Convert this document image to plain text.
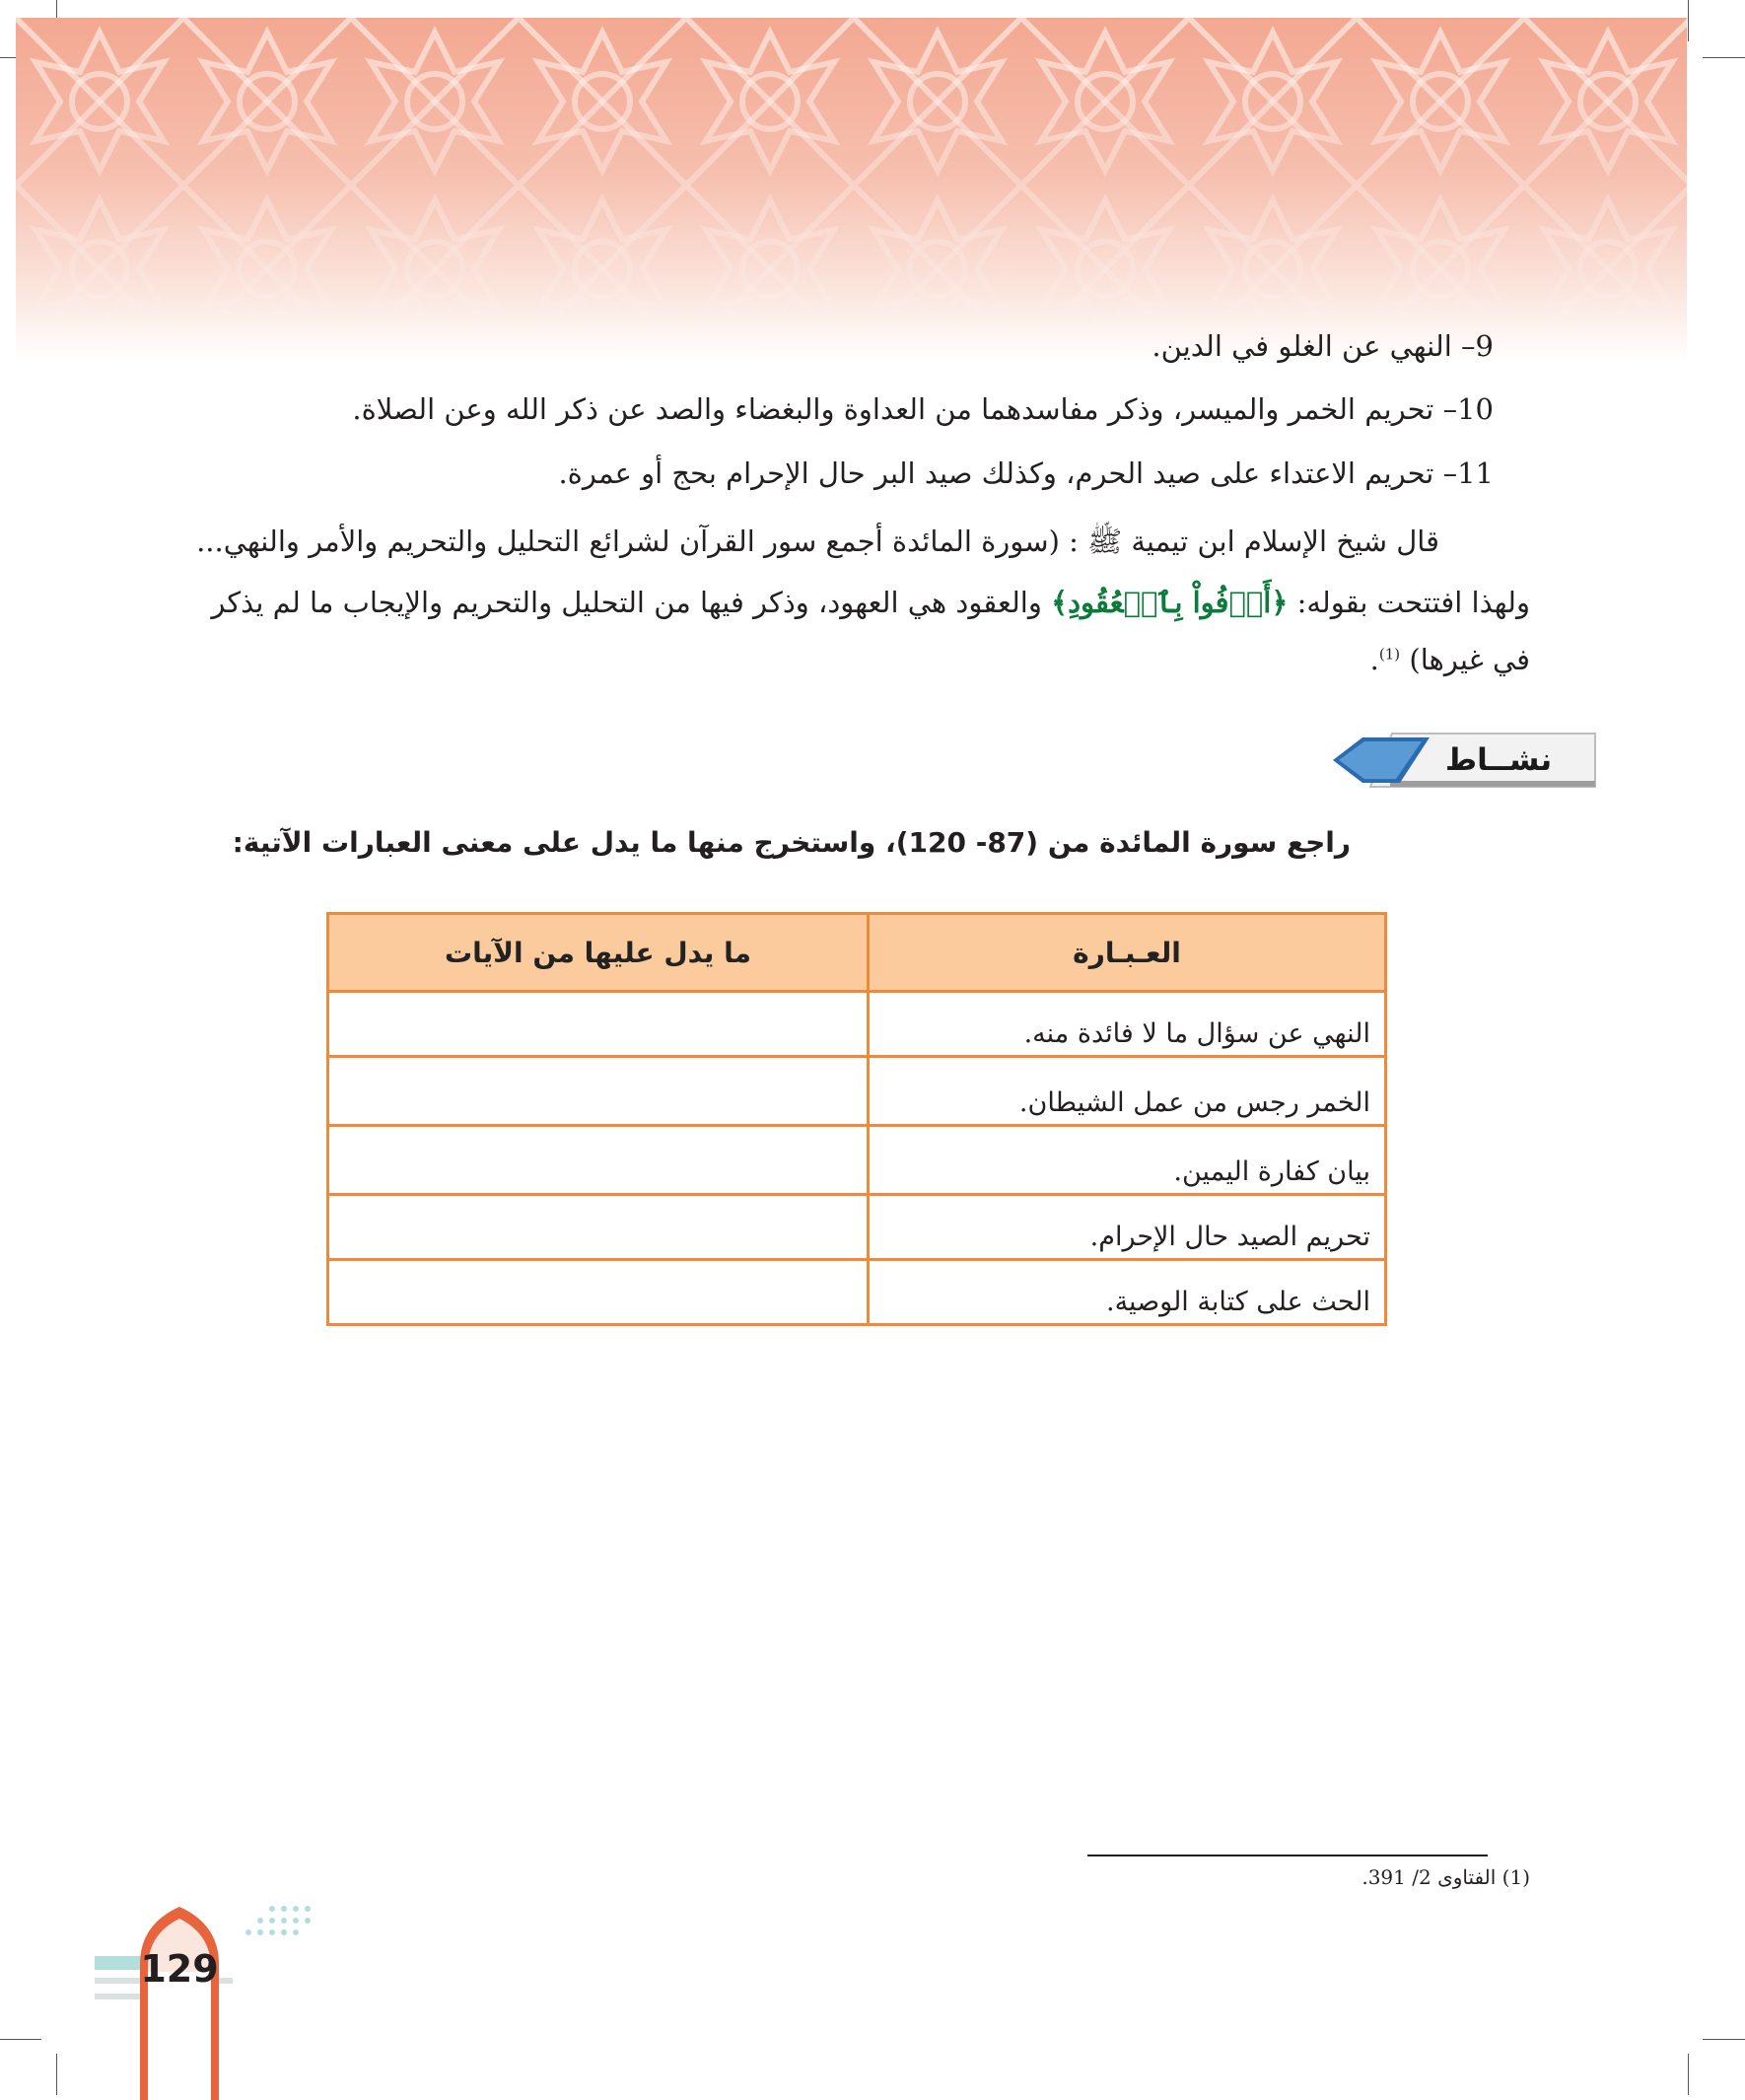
9– النهي عن الغلو في الدين.
10– تحريم الخمر والميسر، وذكر مفاسدهما من العداوة والبغضاء والصد عن ذكر الله وعن الصلاة.
11– تحريم الاعتداء على صيد الحرم، وكذلك صيد البر حال الإحرام بحج أو عمرة.
قال شيخ الإسلام ابن تيمية ﷺ : (سورة المائدة أجمع سور القرآن لشرائع التحليل والتحريم والأمر والنهي...
ولهذا افتتحت بقوله: ﴿أَوۡفُواْ بِٱلۡعُقُودِ﴾ والعقود هي العهود، وذكر فيها من التحليل والتحريم والإيجاب ما لم يذكر
في غيرها) $^{(1)}$.
نشــاط
راجع سورة المائدة من (87- 120)، واستخرج منها ما يدل على معنى العبارات الآتية:
العـبـارة	ما يدل عليها من الآيات
النهي عن سؤال ما لا فائدة منه.	
الخمر رجس من عمل الشيطان.	
بيان كفارة اليمين.	
تحريم الصيد حال الإحرام.	
الحث على كتابة الوصية.	
(1) الفتاوى 2/ 391.
129
